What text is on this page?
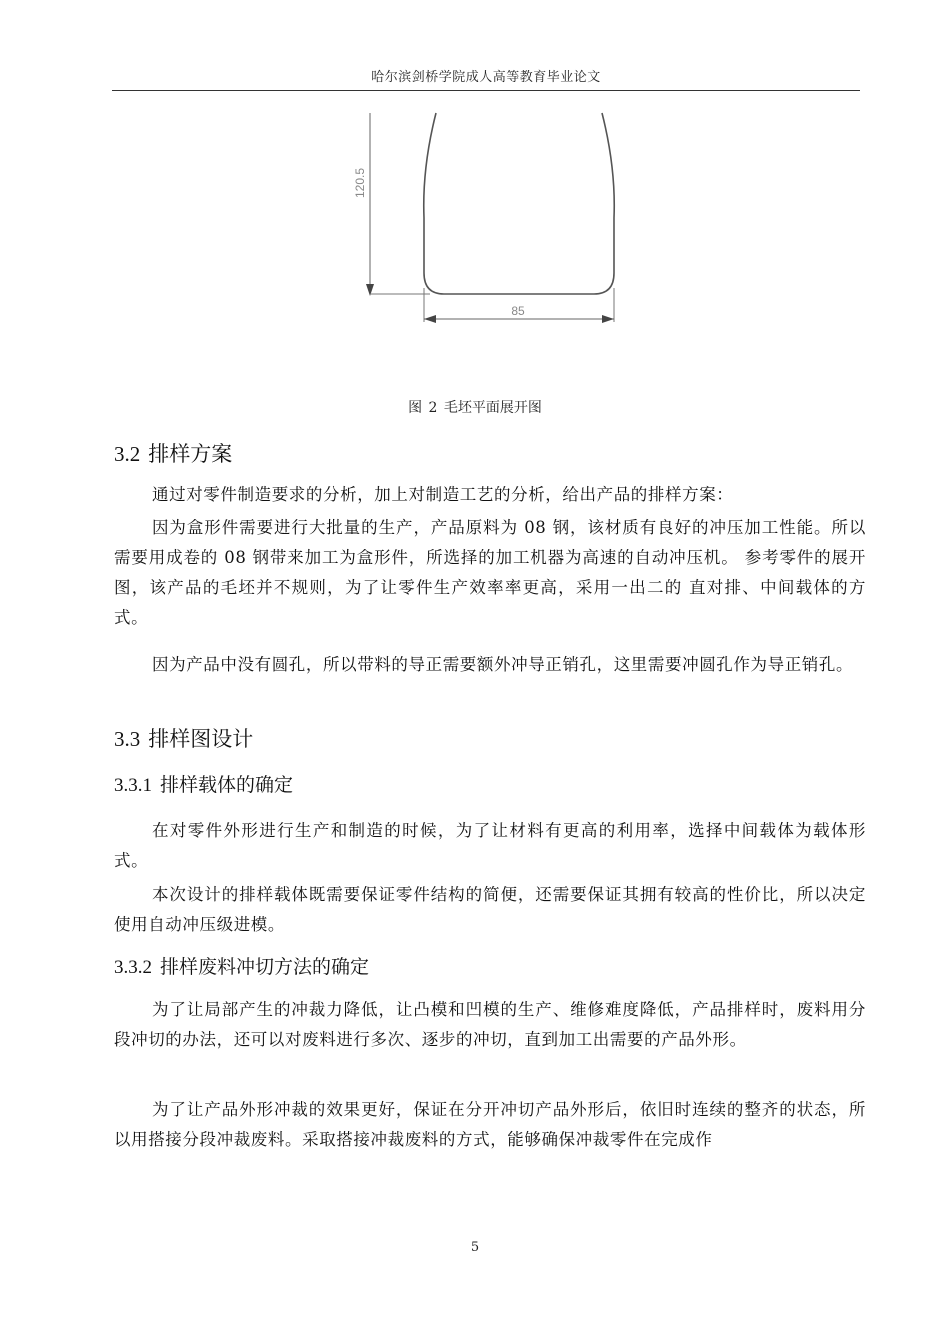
哈尔滨剑桥学院成人高等教育毕业论文
120.5
85
图 2 毛坯平面展开图
3.2 排样方案
通过对零件制造要求的分析，加上对制造工艺的分析，给出产品的排样方案：
因为盒形件需要进行大批量的生产，产品原料为 08 钢，该材质有良好的冲压加工性能。所以需要用成卷的 08 钢带来加工为盒形件，所选择的加工机器为高速的自动冲压机。 参考零件的展开图，该产品的毛坯并不规则，为了让零件生产效率率更高，采用一出二的 直对排、中间载体的方式。
因为产品中没有圆孔，所以带料的导正需要额外冲导正销孔，这里需要冲圆孔作为导正销孔。
3.3 排样图设计
3.3.1 排样载体的确定
在对零件外形进行生产和制造的时候，为了让材料有更高的利用率，选择中间载体为载体形式。
本次设计的排样载体既需要保证零件结构的简便，还需要保证其拥有较高的性价比，所以决定使用自动冲压级进模。
3.3.2 排样废料冲切方法的确定
为了让局部产生的冲裁力降低，让凸模和凹模的生产、维修难度降低，产品排样时，废料用分段冲切的办法，还可以对废料进行多次、逐步的冲切，直到加工出需要的产品外形。
为了让产品外形冲裁的效果更好，保证在分开冲切产品外形后，依旧时连续的整齐的状态，所以用搭接分段冲裁废料。采取搭接冲裁废料的方式，能够确保冲裁零件在完成作
5
